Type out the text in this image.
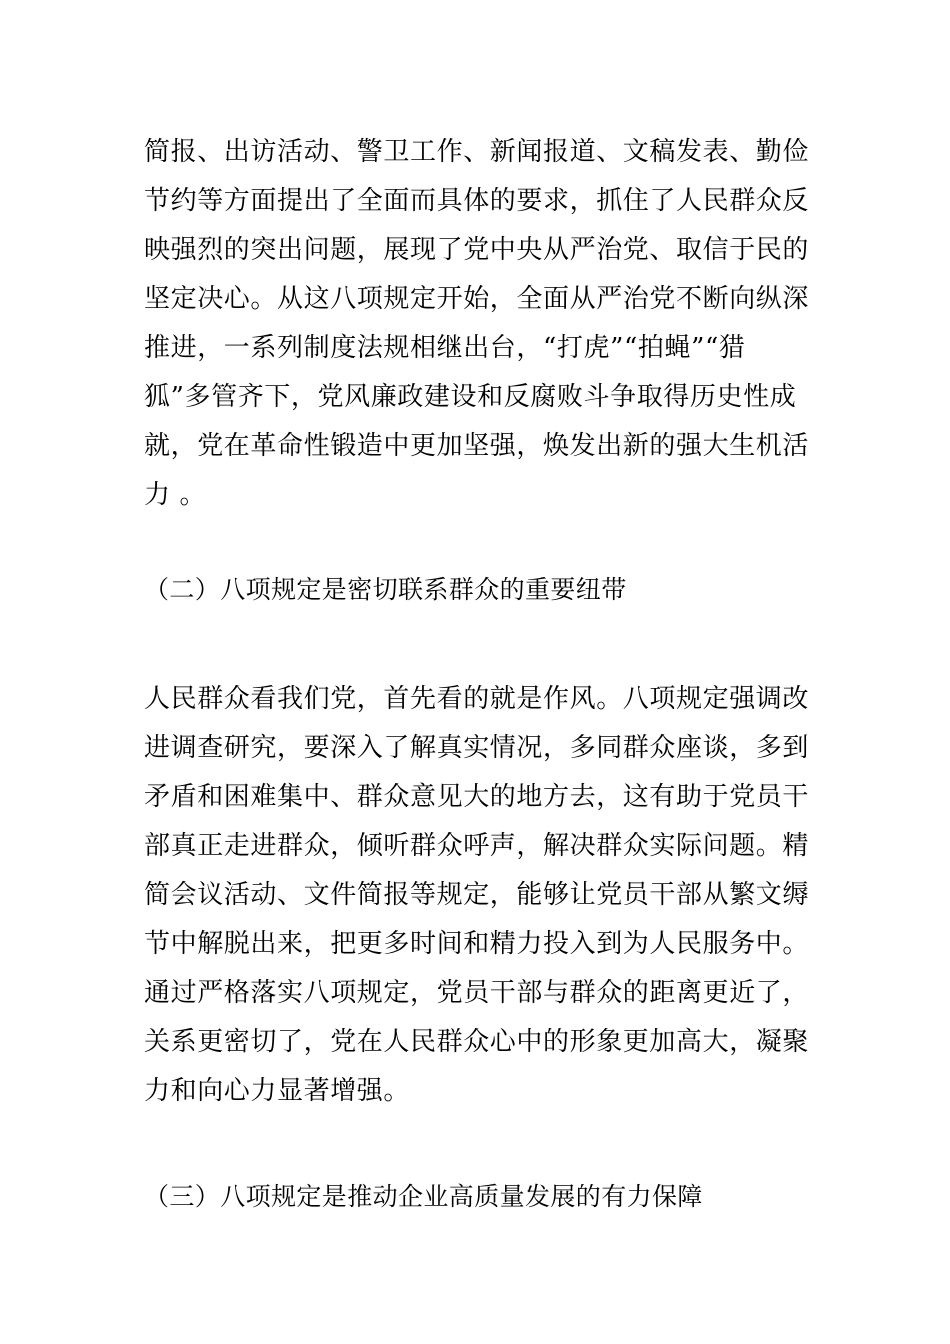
简报、出访活动、警卫工作、新闻报道、文稿发表、勤俭
节约等方面提出了全面而具体的要求，抓住了人民群众反
映强烈的突出问题，展现了党中央从严治党、取信于民的
坚定决心。从这八项规定开始，全面从严治党不断向纵深
推进，一系列制度法规相继出台，“打虎”“拍蝇”“猎
狐”多管齐下，党风廉政建设和反腐败斗争取得历史性成
就，党在革命性锻造中更加坚强，焕发出新的强大生机活
力 。
（二）八项规定是密切联系群众的重要纽带
人民群众看我们党，首先看的就是作风。八项规定强调改
进调查研究，要深入了解真实情况，多同群众座谈，多到
矛盾和困难集中、群众意见大的地方去，这有助于党员干
部真正走进群众，倾听群众呼声，解决群众实际问题。精
简会议活动、文件简报等规定，能够让党员干部从繁文缛
节中解脱出来，把更多时间和精力投入到为人民服务中。
通过严格落实八项规定，党员干部与群众的距离更近了，
关系更密切了，党在人民群众心中的形象更加高大，凝聚
力和向心力显著增强。
（三）八项规定是推动企业高质量发展的有力保障
